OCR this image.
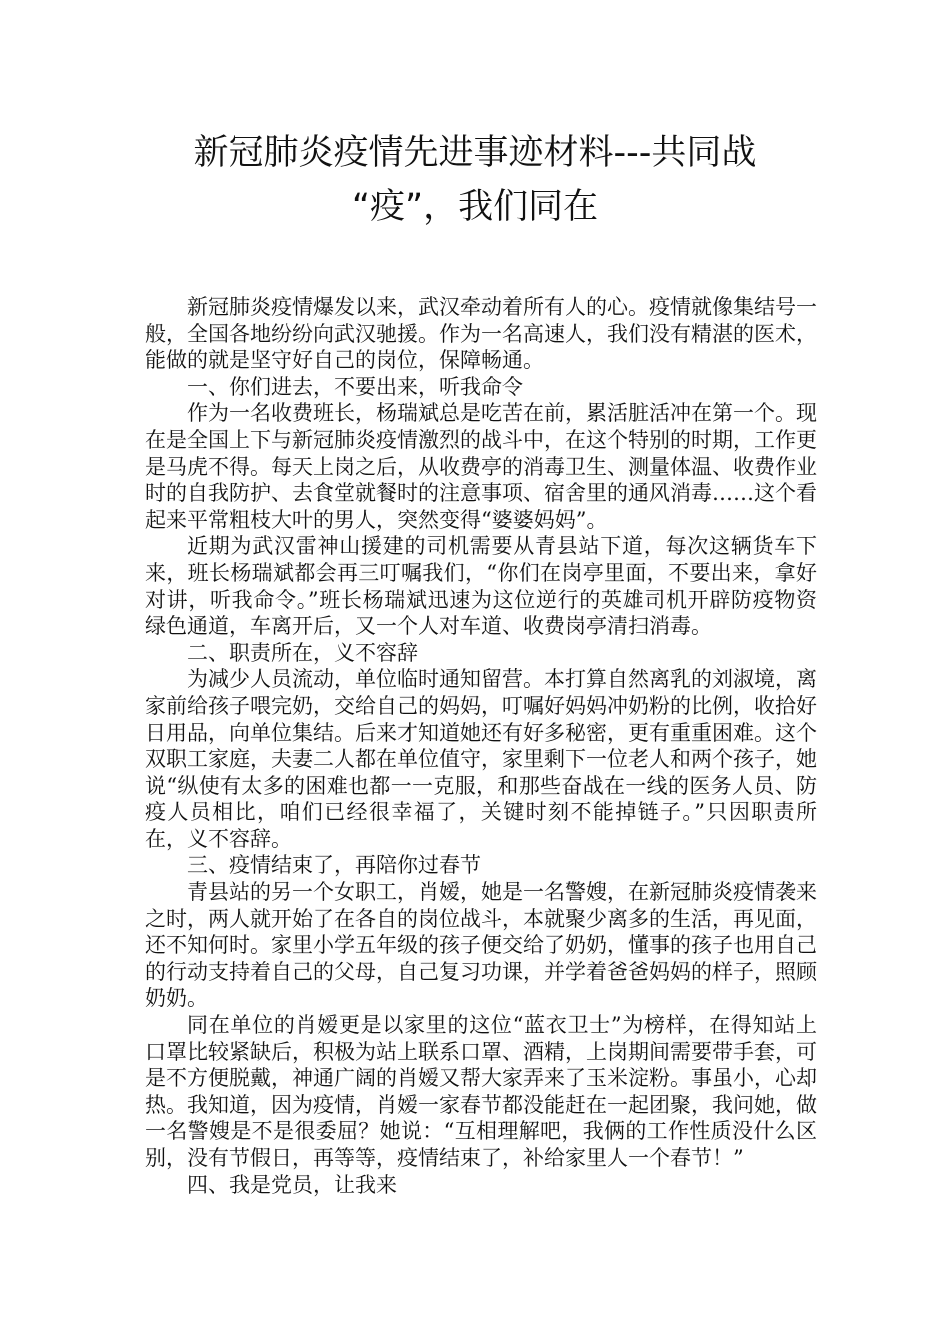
新冠肺炎疫情先进事迹材料---共同战
“疫”，我们同在

新冠肺炎疫情爆发以来，武汉牵动着所有人的心。疫情就像集结号一般，全国各地纷纷向武汉驰援。作为一名高速人，我们没有精湛的医术，能做的就是坚守好自己的岗位，保障畅通。

一、你们进去，不要出来，听我命令

作为一名收费班长，杨瑞斌总是吃苦在前，累活脏活冲在第一个。现在是全国上下与新冠肺炎疫情激烈的战斗中，在这个特别的时期，工作更是马虎不得。每天上岗之后，从收费亭的消毒卫生、测量体温、收费作业时的自我防护、去食堂就餐时的注意事项、宿舍里的通风消毒……这个看起来平常粗枝大叶的男人，突然变得“婆婆妈妈”。

近期为武汉雷神山援建的司机需要从青县站下道，每次这辆货车下来，班长杨瑞斌都会再三叮嘱我们，“你们在岗亭里面，不要出来，拿好对讲，听我命令。”班长杨瑞斌迅速为这位逆行的英雄司机开辟防疫物资绿色通道，车离开后，又一个人对车道、收费岗亭清扫消毒。

二、职责所在，义不容辞

为减少人员流动，单位临时通知留营。本打算自然离乳的刘淑境，离家前给孩子喂完奶，交给自己的妈妈，叮嘱好妈妈冲奶粉的比例，收拾好日用品，向单位集结。后来才知道她还有好多秘密，更有重重困难。这个双职工家庭，夫妻二人都在单位值守，家里剩下一位老人和两个孩子，她说“纵使有太多的困难也都一一克服，和那些奋战在一线的医务人员、防疫人员相比，咱们已经很幸福了，关键时刻不能掉链子。”只因职责所在，义不容辞。

三、疫情结束了，再陪你过春节

青县站的另一个女职工，肖嫒，她是一名警嫂，在新冠肺炎疫情袭来之时，两人就开始了在各自的岗位战斗，本就聚少离多的生活，再见面，还不知何时。家里小学五年级的孩子便交给了奶奶，懂事的孩子也用自己的行动支持着自己的父母，自己复习功课，并学着爸爸妈妈的样子，照顾奶奶。

同在单位的肖嫒更是以家里的这位“蓝衣卫士”为榜样，在得知站上口罩比较紧缺后，积极为站上联系口罩、酒精，上岗期间需要带手套，可是不方便脱戴，神通广阔的肖嫒又帮大家弄来了玉米淀粉。事虽小，心却热。我知道，因为疫情，肖嫒一家春节都没能赶在一起团聚，我问她，做一名警嫂是不是很委屈？她说：“互相理解吧，我俩的工作性质没什么区别，没有节假日，再等等，疫情结束了，补给家里人一个春节！”

四、我是党员，让我来
